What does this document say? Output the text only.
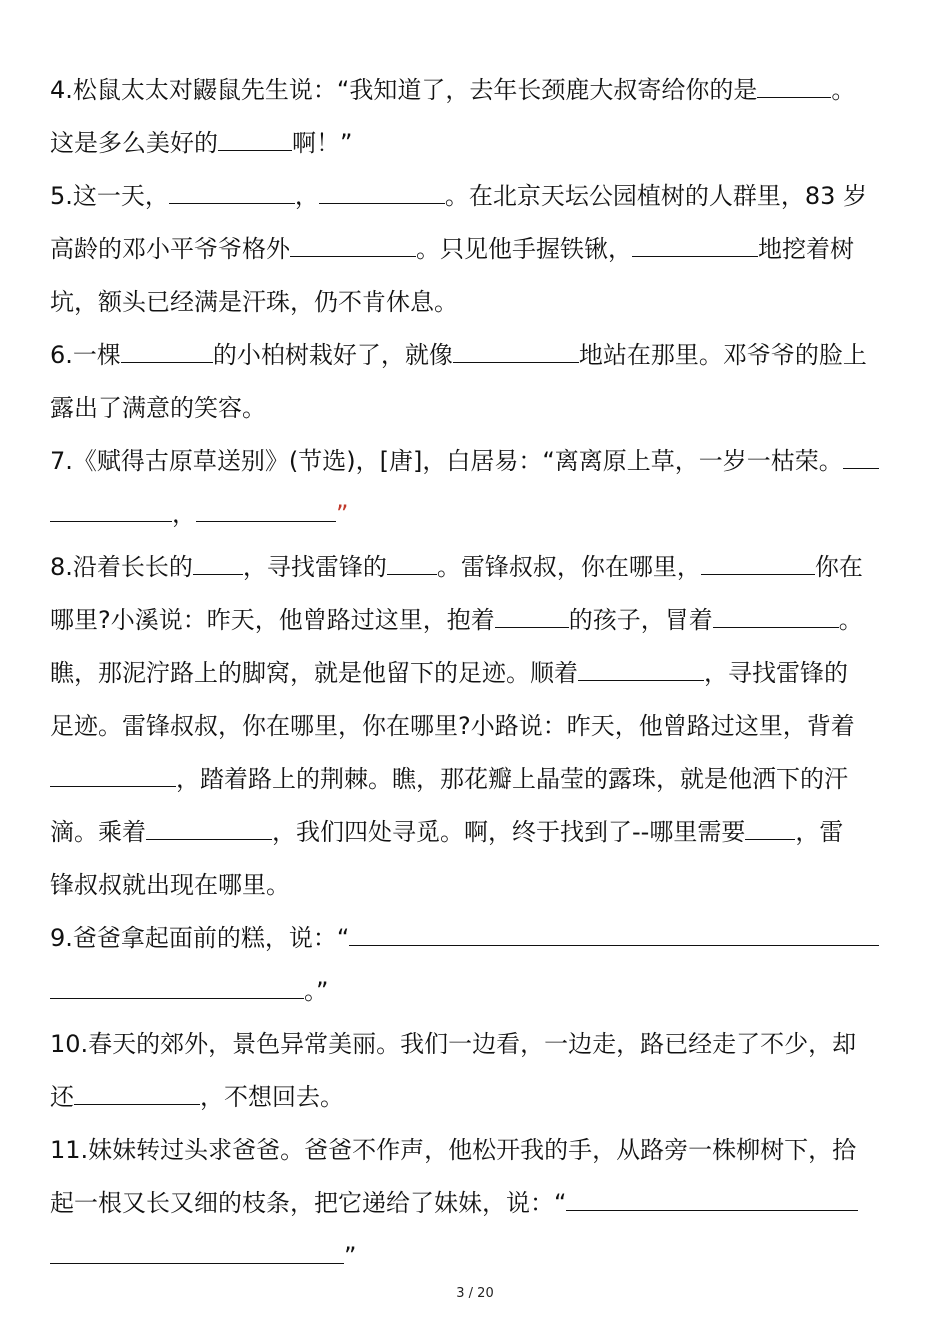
4.松鼠太太对鼹鼠先生说：“我知道了，去年长颈鹿大叔寄给你的是	。
这是多么美好的	啊！”
5.这一天，	，	。在北京天坛公园植树的人群里，83 岁
高龄的邓小平爷爷格外	。只见他手握铁锹，	地挖着树
坑，额头已经满是汗珠，仍不肯休息。
6.一棵	的小柏树栽好了，就像	地站在那里。邓爷爷的脸上
露出了满意的笑容。
7.《赋得古原草送别》(节选)，[唐]，白居易：“离离原上草，一岁一枯荣。
，	”
8.沿着长长的 ，寻找雷锋的 。雷锋叔叔，你在哪里，	你在
哪里?小溪说：昨天，他曾路过这里，抱着	的孩子，冒着	。
瞧，那泥泞路上的脚窝，就是他留下的足迹。顺着	，寻找雷锋的
足迹。雷锋叔叔，你在哪里，你在哪里?小路说：昨天，他曾路过这里，背着
，踏着路上的荆棘。瞧，那花瓣上晶莹的露珠，就是他洒下的汗
滴。乘着	，我们四处寻觅。啊，终于找到了--哪里需要 ，雷
锋叔叔就出现在哪里。
9.爸爸拿起面前的糕，说：“
。”
10.春天的郊外，景色异常美丽。我们一边看，一边走，路已经走了不少，却
还	，不想回去。
11.妹妹转过头求爸爸。爸爸不作声，他松开我的手，从路旁一株柳树下，拾
起一根又长又细的枝条，把它递给了妹妹，说：“
”
3 / 20
